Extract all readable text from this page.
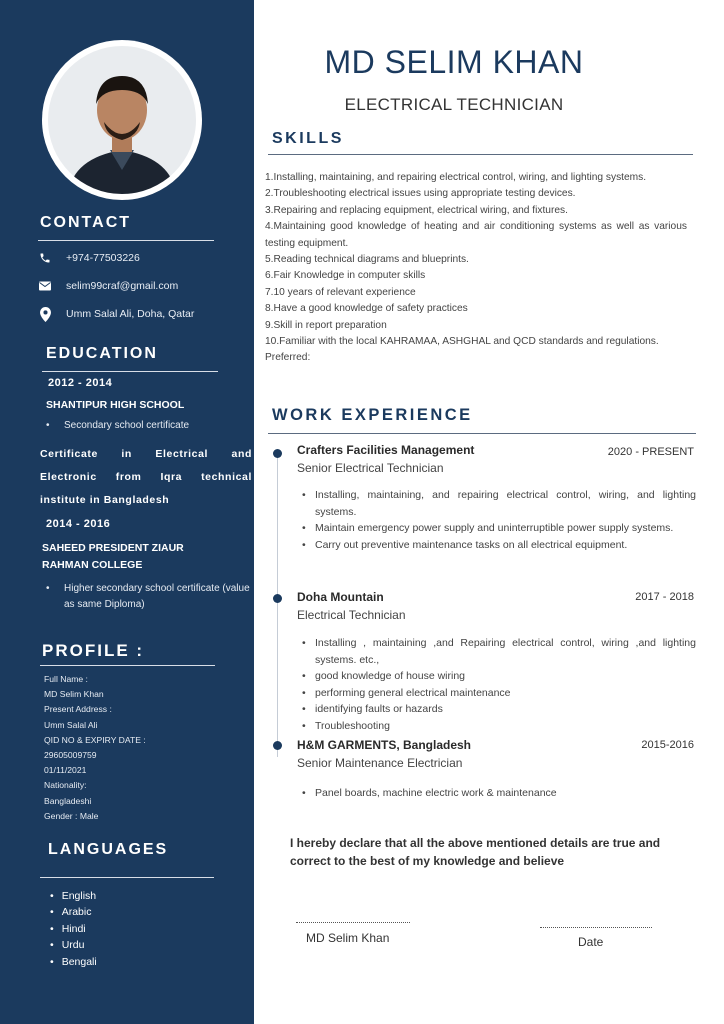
CONTACT
+974-77503226
selim99craf@gmail.com
Umm Salal Ali, Doha, Qatar
EDUCATION
2012 - 2014
SHANTIPUR HIGH SCHOOL
• Secondary school certificate
Certificate in Electrical and Electronic from Iqra technical institute in Bangladesh
2014 - 2016
SAHEED PRESIDENT ZIAUR RAHMAN COLLEGE
• Higher secondary school certificate (value as same Diploma)
PROFILE :
Full Name :
MD Selim Khan
Present Address :
Umm Salal Ali
QID NO & EXPIRY DATE :
29605009759
01/11/2021
Nationality:
Bangladeshi
Gender : Male
LANGUAGES
• English
• Arabic
• Hindi
• Urdu
• Bengali
MD SELIM KHAN
ELECTRICAL TECHNICIAN
SKILLS
1.Installing, maintaining, and repairing electrical control, wiring, and lighting systems.
2.Troubleshooting electrical issues using appropriate testing devices.
3.Repairing and replacing equipment, electrical wiring, and fixtures.
4.Maintaining good knowledge of heating and air conditioning systems as well as various testing equipment.
5.Reading technical diagrams and blueprints.
6.Fair Knowledge in computer skills
7.10 years of relevant experience
8.Have a good knowledge of safety practices
9.Skill in report preparation
10.Familiar with the local KAHRAMAA, ASHGHAL and QCD standards and regulations.
Preferred:
WORK EXPERIENCE
Crafters Facilities Management	2020 - PRESENT
Senior Electrical Technician
• Installing, maintaining, and repairing electrical control, wiring, and lighting systems.
• Maintain emergency power supply and uninterruptible power supply systems.
• Carry out preventive maintenance tasks on all electrical equipment.
Doha Mountain	2017 - 2018
Electrical Technician
• Installing , maintaining ,and Repairing electrical control, wiring ,and lighting systems. etc.,
• good knowledge of house wiring
• performing general electrical maintenance
• identifying faults or hazards
• Troubleshooting
H&M GARMENTS, Bangladesh	2015-2016
Senior Maintenance Electrician
• Panel boards, machine electric work & maintenance
I hereby declare that all the above mentioned details are true and correct to the best of my knowledge and believe
MD Selim Khan	Date
